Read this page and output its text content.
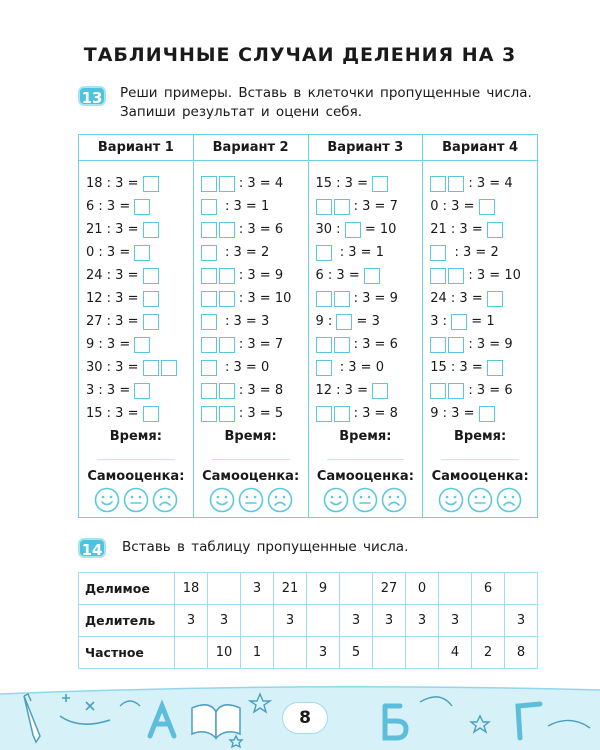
ТАБЛИЧНЫЕ СЛУЧАИ ДЕЛЕНИЯ НА 3
13 Реши примеры. Вставь в клеточки пропущенные числа.
Запиши результат и оцени себя.
Вариант 1
18 : 3 =
6 : 3 =
21 : 3 =
0 : 3 =
24 : 3 =
12 : 3 =
27 : 3 =
9 : 3 =
30 : 3 =
3 : 3 =
15 : 3 =
Время:
Самооценка:
Вариант 2
: 3 = 4
: 3 = 1
: 3 = 6
: 3 = 2
: 3 = 9
: 3 = 10
: 3 = 3
: 3 = 7
: 3 = 0
: 3 = 8
: 3 = 5
Время:
Самооценка:
Вариант 3
15 : 3 =
: 3 = 7
30 : = 10
: 3 = 1
6 : 3 =
: 3 = 9
9 : = 3
: 3 = 6
: 3 = 0
12 : 3 =
: 3 = 8
Время:
Самооценка:
Вариант 4
: 3 = 4
0 : 3 =
21 : 3 =
: 3 = 2
: 3 = 10
24 : 3 =
3 : = 1
: 3 = 9
15 : 3 =
: 3 = 6
9 : 3 =
Время:
Самооценка:
14 Вставь в таблицу пропущенные числа.
Делимое	18		3	21	9		27	0		6	
Делитель	3	3		3		3	3	3	3		3
Частное		10	1		3	5			4	2	8
8
